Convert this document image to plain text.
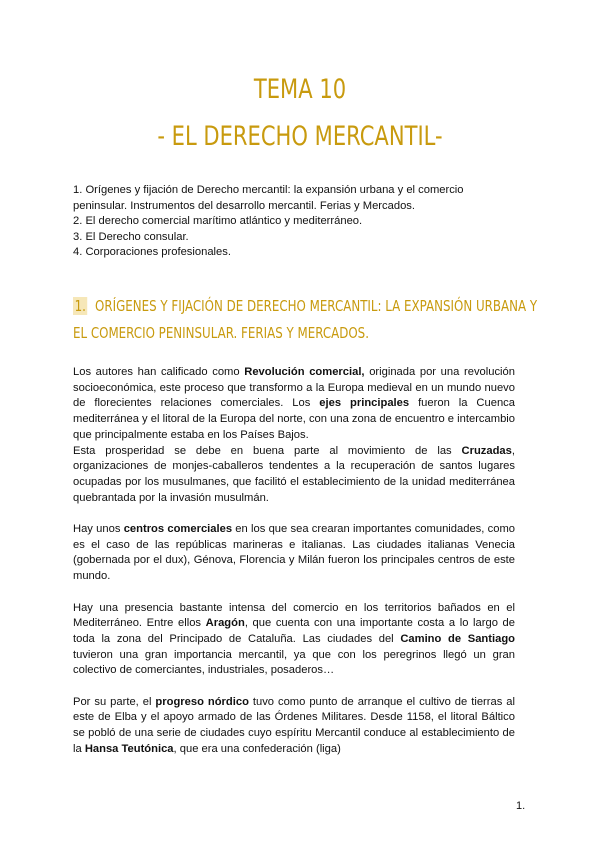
TEMA 10
- EL DERECHO MERCANTIL-
1. Orígenes y fijación de Derecho mercantil: la expansión urbana y el comercio
peninsular. Instrumentos del desarrollo mercantil. Ferias y Mercados.
2. El derecho comercial marítimo atlántico y mediterráneo.
3. El Derecho consular.
4. Corporaciones profesionales.
1. ORÍGENES Y FIJACIÓN DE DERECHO MERCANTIL: LA EXPANSIÓN URBANA Y
EL COMERCIO PENINSULAR. FERIAS Y MERCADOS.

Los autores han calificado como Revolución comercial, originada por una revolución socioeconómica, este proceso que transformo a la Europa medieval en un mundo nuevo de florecientes relaciones comerciales. Los ejes principales fueron la Cuenca mediterránea y el litoral de la Europa del norte, con una zona de encuentro e intercambio que principalmente estaba en los Países Bajos.

Esta prosperidad se debe en buena parte al movimiento de las Cruzadas, organizaciones de monjes-caballeros tendentes a la recuperación de santos lugares ocupadas por los musulmanes, que facilitó el establecimiento de la unidad mediterránea quebrantada por la invasión musulmán.

Hay unos centros comerciales en los que sea crearan importantes comunidades, como es el caso de las repúblicas marineras e italianas. Las ciudades italianas Venecia (gobernada por el dux), Génova, Florencia y Milán fueron los principales centros de este mundo.

Hay una presencia bastante intensa del comercio en los territorios bañados en el Mediterráneo. Entre ellos Aragón, que cuenta con una importante costa a lo largo de toda la zona del Principado de Cataluña. Las ciudades del Camino de Santiago tuvieron una gran importancia mercantil, ya que con los peregrinos llegó un gran colectivo de comerciantes, industriales, posaderos…

Por su parte, el progreso nórdico tuvo como punto de arranque el cultivo de tierras al este de Elba y el apoyo armado de las Órdenes Militares. Desde 1158, el litoral Báltico se pobló de una serie de ciudades cuyo espíritu Mercantil conduce al establecimiento de la Hansa Teutónica, que era una confederación (liga)

1.
